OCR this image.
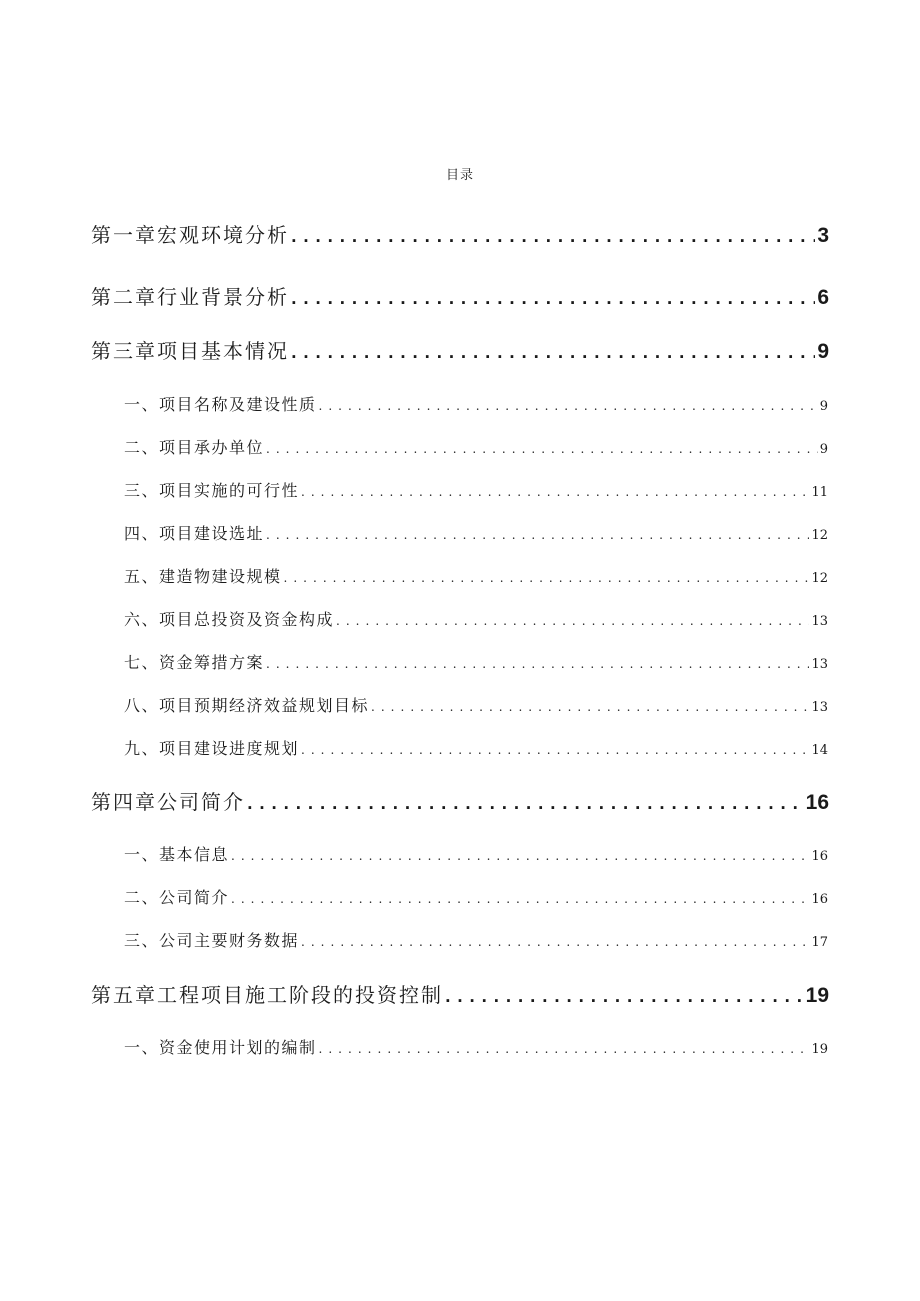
目录
第一章宏观环境分析 . . .	3
第二章行业背景分析 . . .	6
第三章项目基本情况 . . .	9
一、项目名称及建设性质 . . .	9
二、项目承办单位 . . .	9
三、项目实施的可行性 . . .	11
四、项目建设选址 . . .	12
五、建造物建设规模 . . .	12
六、项目总投资及资金构成 . . .	13
七、资金筹措方案 . . .	13
八、项目预期经济效益规划目标 . . .	13
九、项目建设进度规划 . . .	14
第四章公司简介 . . .	16
一、基本信息 . . .	16
二、公司简介 . . .	16
三、公司主要财务数据 . . .	17
第五章工程项目施工阶段的投资控制 . . .	19
一、资金使用计划的编制 . . .	19
